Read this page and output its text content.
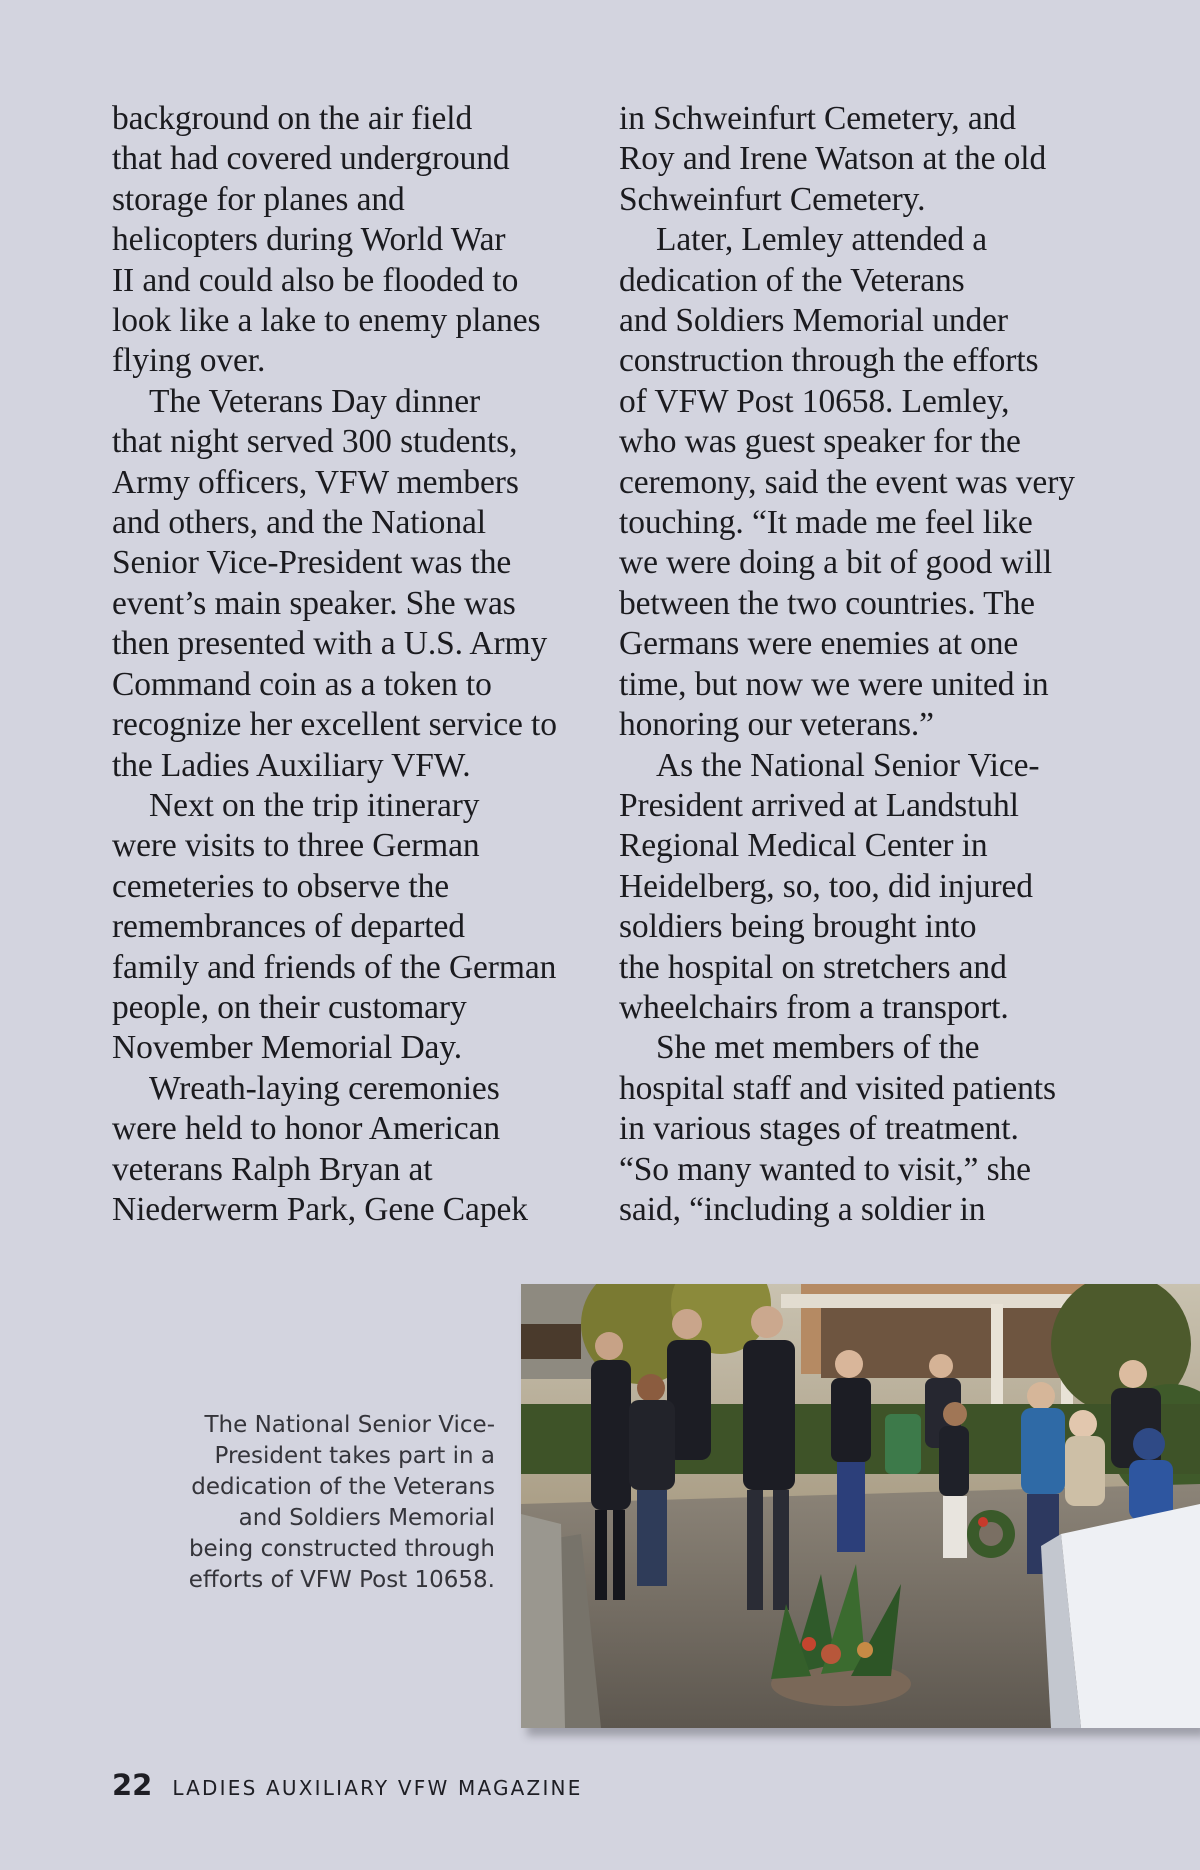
background on the air field
that had covered underground
storage for planes and
helicopters during World War
II and could also be flooded to
look like a lake to enemy planes
flying over.

The Veterans Day dinner
that night served 300 students,
Army officers, VFW members
and others, and the National
Senior Vice-President was the
event’s main speaker. She was
then presented with a U.S. Army
Command coin as a token to
recognize her excellent service to
the Ladies Auxiliary VFW.

Next on the trip itinerary
were visits to three German
cemeteries to observe the
remembrances of departed
family and friends of the German
people, on their customary
November Memorial Day.

Wreath-laying ceremonies
were held to honor American
veterans Ralph Bryan at
Niederwerm Park, Gene Capek

in Schweinfurt Cemetery, and
Roy and Irene Watson at the old
Schweinfurt Cemetery.

Later, Lemley attended a
dedication of the Veterans
and Soldiers Memorial under
construction through the efforts
of VFW Post 10658. Lemley,
who was guest speaker for the
ceremony, said the event was very
touching. “It made me feel like
we were doing a bit of good will
between the two countries. The
Germans were enemies at one
time, but now we were united in
honoring our veterans.”

As the National Senior Vice-
President arrived at Landstuhl
Regional Medical Center in
Heidelberg, so, too, did injured
soldiers being brought into
the hospital on stretchers and
wheelchairs from a transport.

She met members of the
hospital staff and visited patients
in various stages of treatment.
“So many wanted to visit,” she
said, “including a soldier in

The National Senior Vice-
President takes part in a
dedication of the Veterans
and Soldiers Memorial
being constructed through
efforts of VFW Post 10658.
22 LADIES AUXILIARY VFW MAGAZINE
